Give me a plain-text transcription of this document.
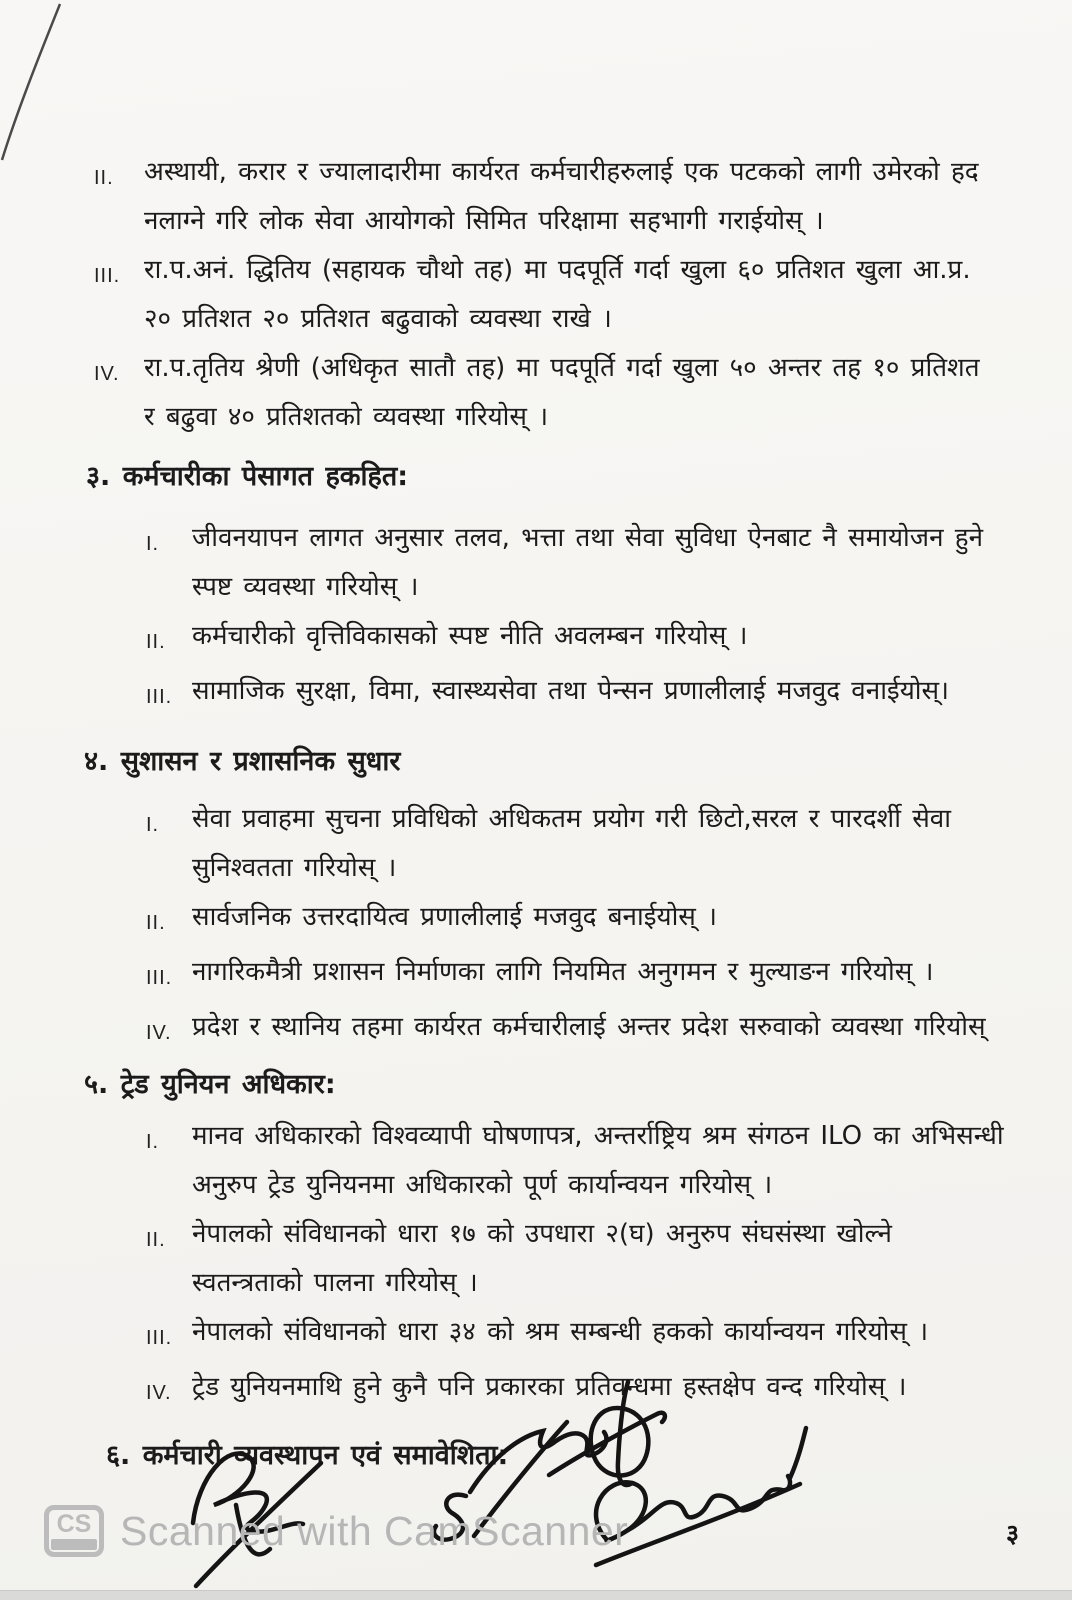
II.	अस्थायी, करार र ज्यालादारीमा कार्यरत कर्मचारीहरुलाई एक पटकको लागी उमेरको हद
नलाग्ने गरि लोक सेवा आयोगको सिमित परिक्षामा सहभागी गराईयोस् ।
III. रा.प.अनं. द्धितिय (सहायक चौथो तह) मा पदपूर्ति गर्दा खुला ६० प्रतिशत खुला आ.प्र.
२० प्रतिशत २० प्रतिशत बढुवाको व्यवस्था राखे ।
IV. रा.प.तृतिय श्रेणी (अधिकृत सातौ तह) मा पदपूर्ति गर्दा खुला ५० अन्तर तह १० प्रतिशत
र बढुवा ४० प्रतिशतको व्यवस्था गरियोस् ।
३. कर्मचारीका पेसागत हकहित:
I.	जीवनयापन लागत अनुसार तलव, भत्ता तथा सेवा सुविधा ऐनबाट नै समायोजन हुने
स्पष्ट व्यवस्था गरियोस् ।
II.	कर्मचारीको वृत्तिविकासको स्पष्ट नीति अवलम्बन गरियोस् ।
III. सामाजिक सुरक्षा, विमा, स्वास्थ्यसेवा तथा पेन्सन प्रणालीलाई मजवुद वनाईयोस्।
४. सुशासन र प्रशासनिक सुधार
I.	सेवा प्रवाहमा सुचना प्रविधिको अधिकतम प्रयोग गरी छिटो,सरल र पारदर्शी सेवा
सुनिश्वतता गरियोस् ।
II.	सार्वजनिक उत्तरदायित्व प्रणालीलाई मजवुद बनाईयोस् ।
III. नागरिकमैत्री प्रशासन निर्माणका लागि नियमित अनुगमन र मुल्याङन गरियोस् ।
IV. प्रदेश र स्थानिय तहमा कार्यरत कर्मचारीलाई अन्तर प्रदेश सरुवाको व्यवस्था गरियोस्
५. ट्रेड युनियन अधिकार:
I.	मानव अधिकारको विश्वव्यापी घोषणापत्र, अन्तर्राष्ट्रिय श्रम संगठन ILO का अभिसन्धी
अनुरुप ट्रेड युनियनमा अधिकारको पूर्ण कार्यान्वयन गरियोस् ।
II.	नेपालको संविधानको धारा १७ को उपधारा २(घ) अनुरुप संघसंस्था खोल्ने
स्वतन्त्रताको पालना गरियोस् ।
III. नेपालको संविधानको धारा ३४ को श्रम सम्बन्धी हकको कार्यान्वयन गरियोस् ।
IV. ट्रेड युनियनमाथि हुने कुनै पनि प्रकारका प्रतिवन्धमा हस्तक्षेप वन्द गरियोस् ।
६. कर्मचारी व्यवस्थापन एवं समावेशिता:
CS Scanned with CamScanner	३
